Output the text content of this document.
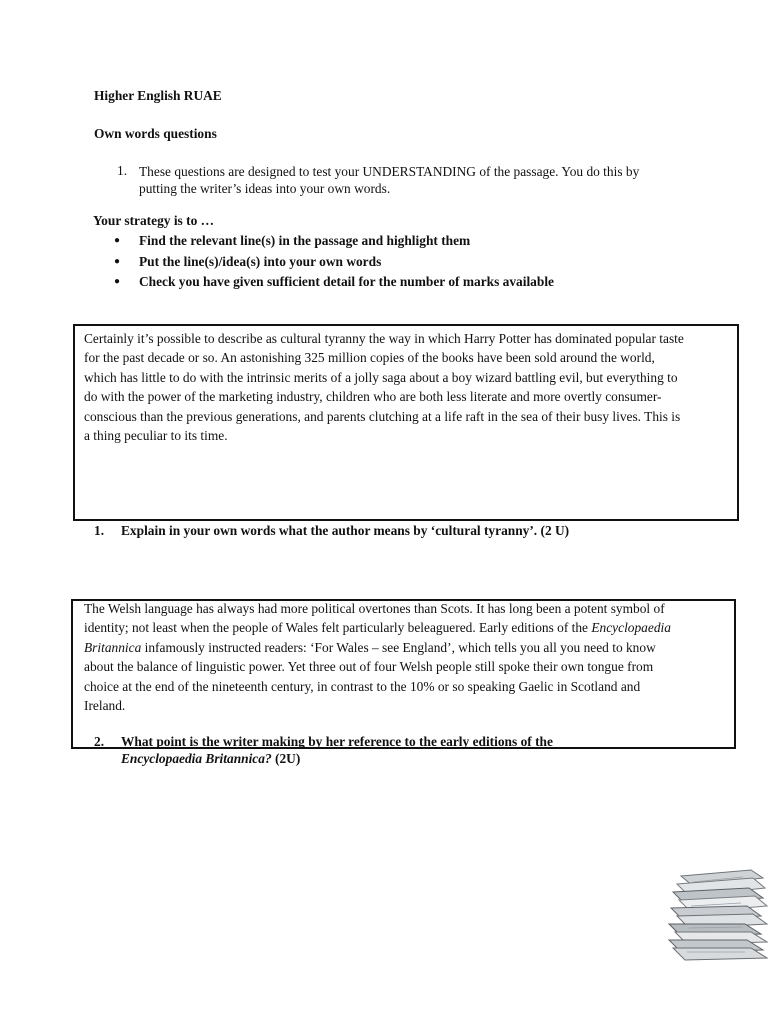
Higher English RUAE
Own words questions
1. These questions are designed to test your UNDERSTANDING of the passage. You do this by putting the writer’s ideas into your own words.
Your strategy is to …
●	Find the relevant line(s) in the passage and highlight them
●	Put the line(s)/idea(s) into your own words
●	Check you have given sufficient detail for the number of marks available
Certainly it’s possible to describe as cultural tyranny the way in which Harry Potter has dominated popular taste for the past decade or so. An astonishing 325 million copies of the books have been sold around the world, which has little to do with the intrinsic merits of a jolly saga about a boy wizard battling evil, but everything to do with the power of the marketing industry, children who are both less literate and more overtly consumer-conscious than the previous generations, and parents clutching at a life raft in the sea of their busy lives. This is a thing peculiar to its time.
1. Explain in your own words what the author means by ‘cultural tyranny’. (2 U)
The Welsh language has always had more political overtones than Scots. It has long been a potent symbol of identity; not least when the people of Wales felt particularly beleaguered. Early editions of the Encyclopaedia Britannica infamously instructed readers: ‘For Wales – see England’, which tells you all you need to know about the balance of linguistic power. Yet three out of four Welsh people still spoke their own tongue from choice at the end of the nineteenth century, in contrast to the 10% or so speaking Gaelic in Scotland and Ireland.
2. What point is the writer making by her reference to the early editions of the
Encyclopaedia Britannica? (2U)
